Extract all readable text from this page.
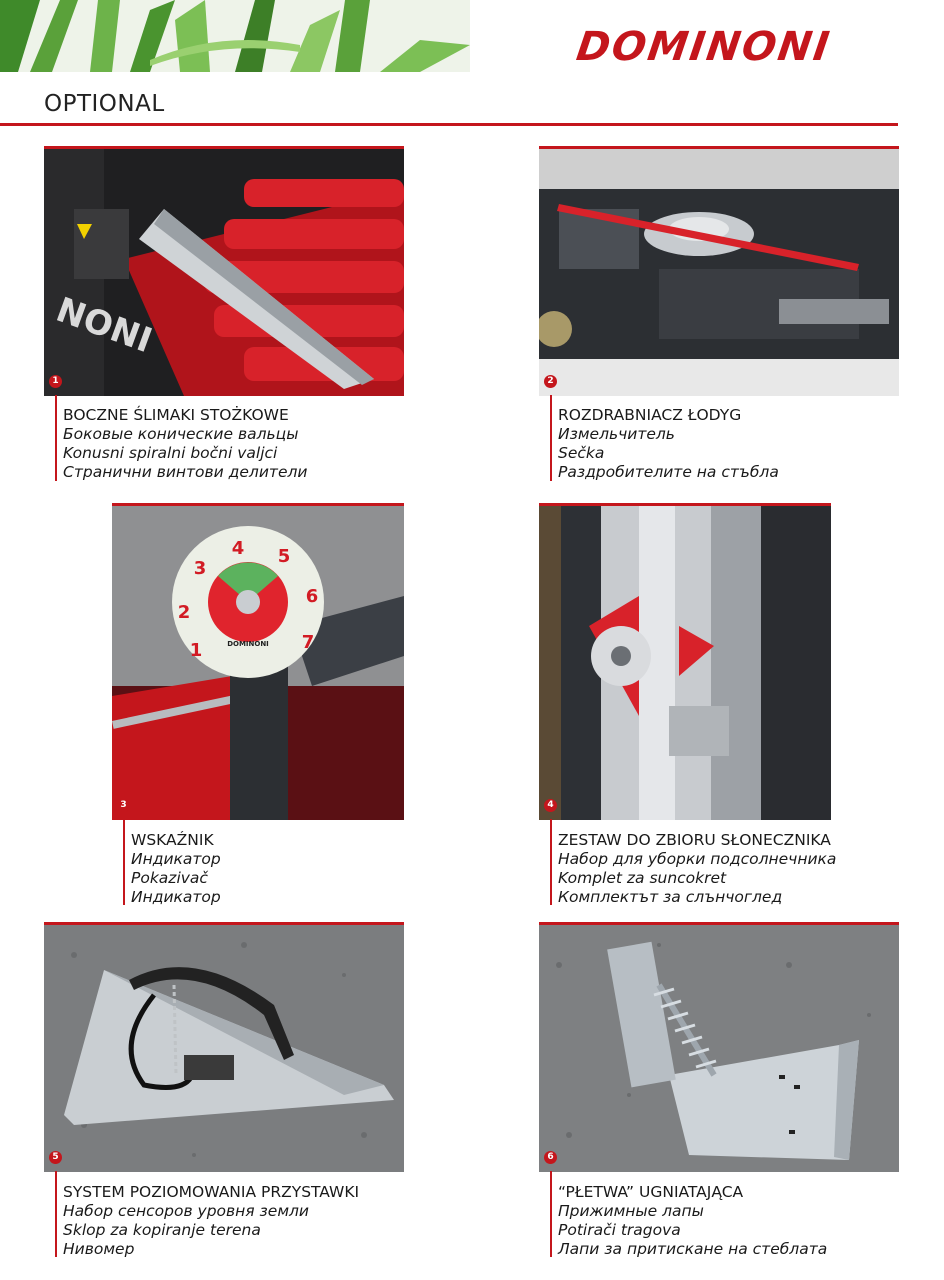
DOMINONI
OPTIONAL
NONI
1
BOCZNE ŚLIMAKI STOŻKOWE
Боковые конические вальцы
Konusni spiralni bočni valjci
Странични винтови делители
2
ROZDRABNIACZ ŁODYG
Измельчитель
Sečka
Раздробителите на стъбла
1
2
3
4 5
6
7
DOMINONI
3
WSKAŹNIK
Индикатор
Pokazivač
Индикатор
4
ZESTAW DO ZBIORU SŁONECZNIKA
Набор для уборки подсолнечника
Komplet za suncokret
Комплектът за слънчоглед
5
SYSTEM POZIOMOWANIA PRZYSTAWKI
Набор сенсоров уровня земли
Sklop za kopiranje terena
Нивомер
6
“PŁETWA” UGNIATAJĄCA
Прижимные лапы
Potirači tragova
Лапи за притискане на стеблата
